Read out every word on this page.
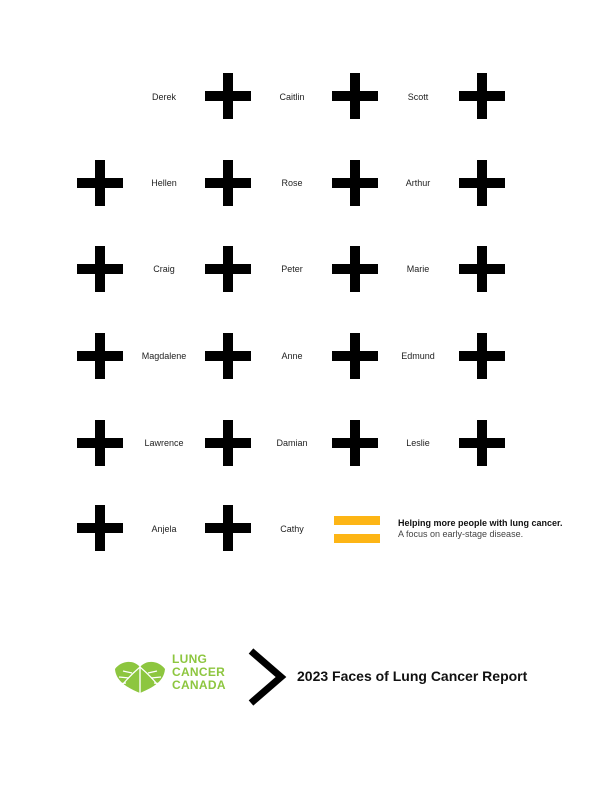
Derek	Caitlin	Scott
Hellen	Rose	Arthur
Craig	Peter	Marie
Magdalene	Anne	Edmund
Lawrence	Damian	Leslie
Anjela	Cathy
Helping more people with lung cancer.
A focus on early-stage disease.
LUNG
CANCER
CANADA
2023 Faces of Lung Cancer Report
